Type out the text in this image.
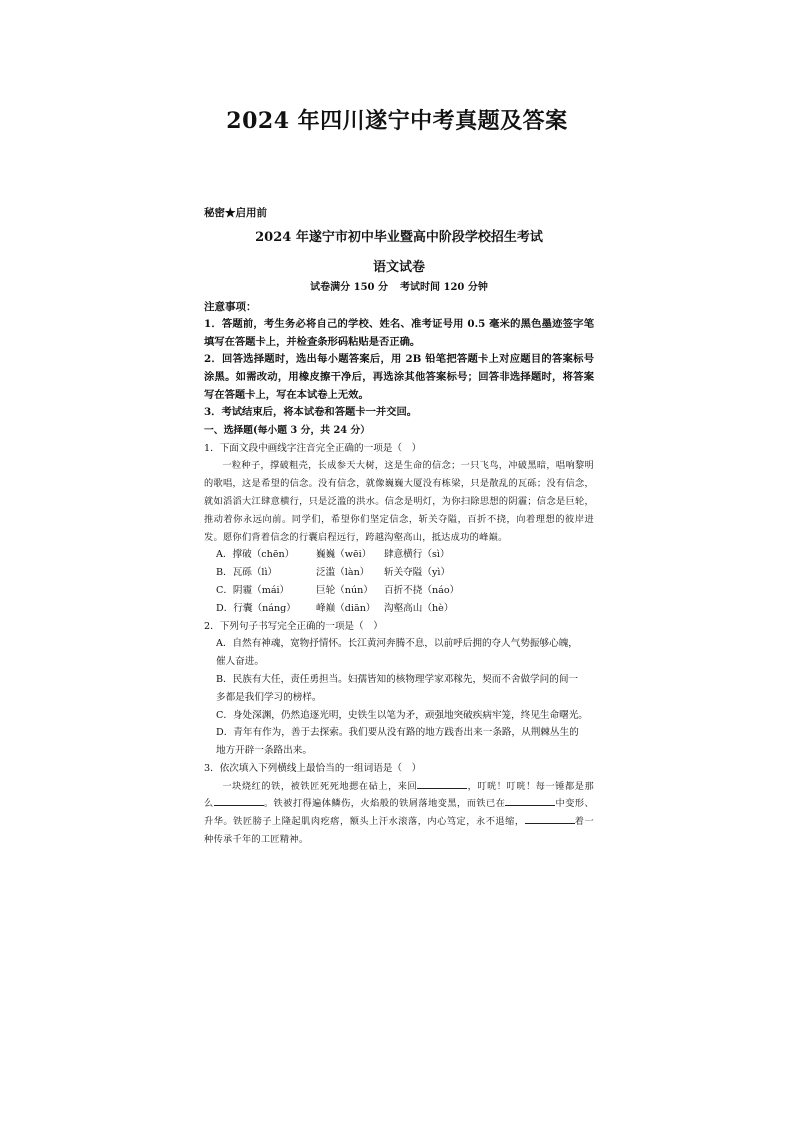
2024 年四川遂宁中考真题及答案
秘密★启用前
2024 年遂宁市初中毕业暨高中阶段学校招生考试
语文试卷
试卷满分 150 分 考试时间 120 分钟
注意事项：
1．答题前，考生务必将自己的学校、姓名、准考证号用 0.5 毫米的黑色墨迹签字笔填写在答题卡上，并检查条形码粘贴是否正确。
2．回答选择题时，选出每小题答案后，用 2B 铅笔把答题卡上对应题目的答案标号涂黑。如需改动，用橡皮擦干净后，再选涂其他答案标号；回答非选择题时，将答案写在答题卡上，写在本试卷上无效。
3．考试结束后，将本试卷和答题卡一并交回。
一、选择题(每小题 3 分，共 24 分）
1．下面文段中画线字注音完全正确的一项是（　）
一粒种子，撑破粗壳，长成参天大树，这是生命的信念；一只飞鸟，冲破黑暗，唱响黎明的歌唱，这是希望的信念。没有信念，就像巍巍大厦没有栋梁，只是散乱的瓦砾；没有信念，就如滔滔大江肆意横行，只是泛滥的洪水。信念是明灯，为你扫除思想的阴霾；信念是巨轮，推动着你永远向前。同学们，希望你们坚定信念，斩关夺隘，百折不挠，向着理想的彼岸进发。愿你们背着信念的行囊启程远行，跨越沟壑高山，抵达成功的峰巅。
A．撑破（chēn） 巍巍（wēi） 肆意横行（sì）
B．瓦砾（lì）	泛滥（làn） 斩关夺隘（yì）
C．阴霾（mái）	巨轮（nún） 百折不挠（náo）
D．行囊（náng） 峰巅（diān） 沟壑高山（hè）
2．下列句子书写完全正确的一项是（　）
A．自然有神魂，宽物抒情怀。长江黄河奔腾不息，以前呼后拥的夺人气势振够心魄，
催人奋进。
B．民族有大任，责任勇担当。妇孺皆知的核物理学家邓稼先，契而不舍做学问的间一
多都是我们学习的榜样。
C．身处深渊，仍然追逐光明，史铁生以笔为矛，顽强地突破疾病牢笼，终见生命曙光。
D．青年有作为，善于去探索。我们要从没有路的地方践沓出来一条路，从荆棘丛生的
地方开辟一条路出来。
3．依次填入下列横线上最恰当的一组词语是（　）
一块烧红的铁，被铁匠死死地摁在砧上，来回	，叮咣！叮咣！每一锤都是那么	。铁被打得遍体鳞伤，火焰般的铁屑落地变黑，而铁已在	中变形、升华。铁匠膀子上隆起肌肉疙瘩，额头上汗水滚落，内心笃定，永不退缩，	着一种传承千年的工匠精神。
